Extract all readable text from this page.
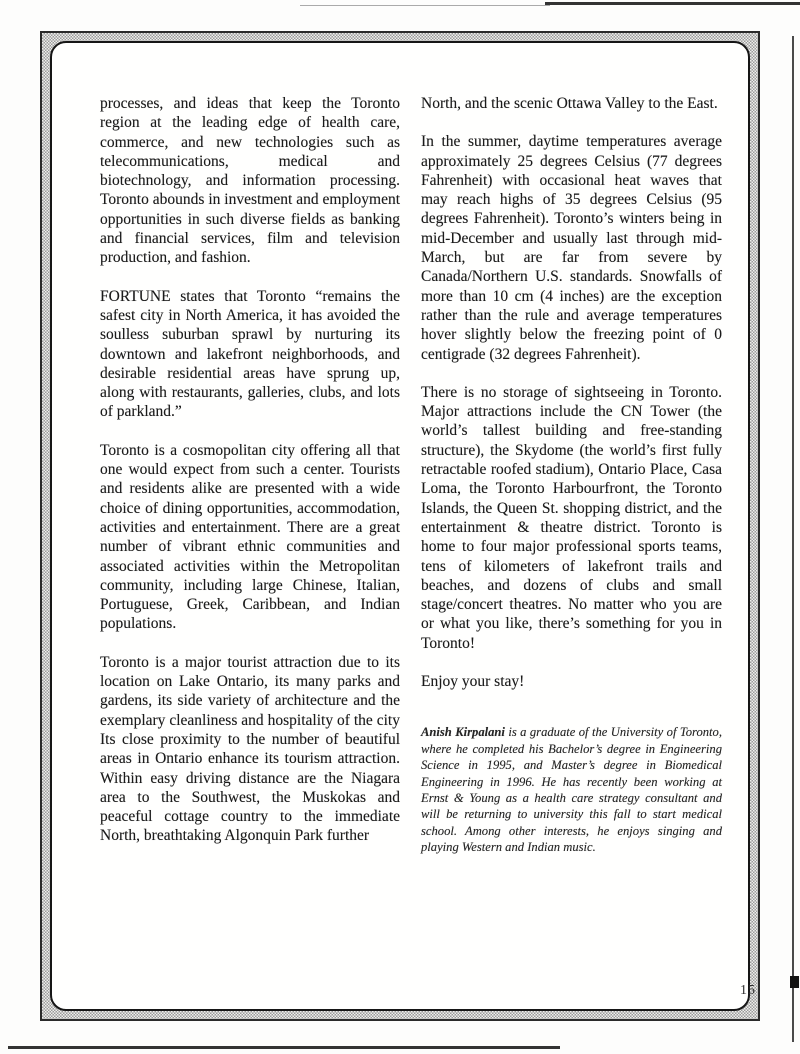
processes, and ideas that keep the Toronto region at the leading edge of health care, commerce, and new technologies such as telecommunications, medical and biotechnology, and information processing. Toronto abounds in investment and employment opportunities in such diverse fields as banking and financial services, film and television production, and fashion.

FORTUNE states that Toronto “remains the safest city in North America, it has avoided the soulless suburban sprawl by nurturing its downtown and lakefront neighborhoods, and desirable residential areas have sprung up, along with restaurants, galleries, clubs, and lots of parkland.”

Toronto is a cosmopolitan city offering all that one would expect from such a center. Tourists and residents alike are presented with a wide choice of dining opportunities, accommodation, activities and entertainment. There are a great number of vibrant ethnic communities and associated activities within the Metropolitan community, including large Chinese, Italian, Portuguese, Greek, Caribbean, and Indian populations.

Toronto is a major tourist attraction due to its location on Lake Ontario, its many parks and gardens, its side variety of architecture and the exemplary cleanliness and hospitality of the city Its close proximity to the number of beautiful areas in Ontario enhance its tourism attraction. Within easy driving distance are the Niagara area to the Southwest, the Muskokas and peaceful cottage country to the immediate North, breathtaking Algonquin Park further

North, and the scenic Ottawa Valley to the East.

In the summer, daytime temperatures average approximately 25 degrees Celsius (77 degrees Fahrenheit) with occasional heat waves that may reach highs of 35 degrees Celsius (95 degrees Fahrenheit). Toronto’s winters being in mid-December and usually last through mid-March, but are far from severe by Canada/Northern U.S. standards. Snowfalls of more than 10 cm (4 inches) are the exception rather than the rule and average temperatures hover slightly below the freezing point of 0 centigrade (32 degrees Fahrenheit).

There is no storage of sightseeing in Toronto. Major attractions include the CN Tower (the world’s tallest building and free-standing structure), the Skydome (the world’s first fully retractable roofed stadium), Ontario Place, Casa Loma, the Toronto Harbourfront, the Toronto Islands, the Queen St. shopping district, and the entertainment & theatre district. Toronto is home to four major professional sports teams, tens of kilometers of lakefront trails and beaches, and dozens of clubs and small stage/concert theatres. No matter who you are or what you like, there’s something for you in Toronto!

Enjoy your stay!

Anish Kirpalani is a graduate of the University of Toronto, where he completed his Bachelor’s degree in Engineering Science in 1995, and Master’s degree in Biomedical Engineering in 1996. He has recently been working at Ernst & Young as a health care strategy consultant and will be returning to university this fall to start medical school. Among other interests, he enjoys singing and playing Western and Indian music.

15
